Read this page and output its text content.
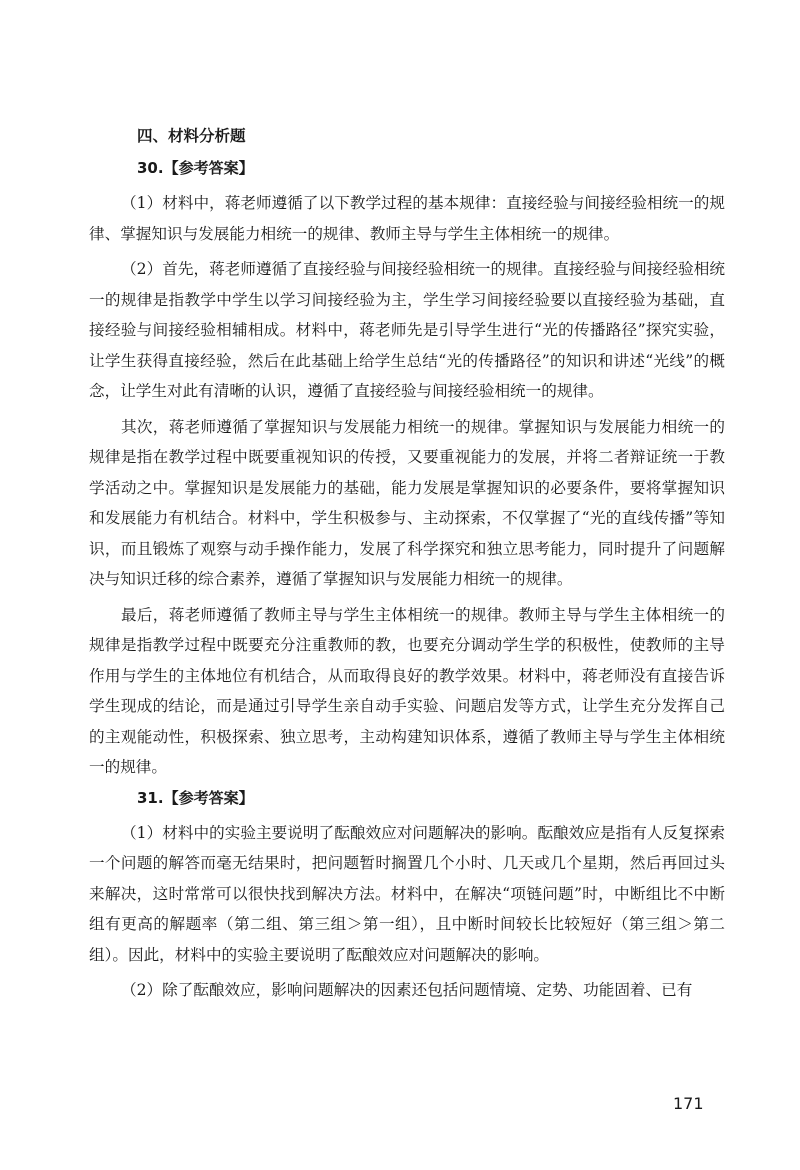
四、材料分析题
30.【参考答案】

（1）材料中，蒋老师遵循了以下教学过程的基本规律：直接经验与间接经验相统一的规律、掌握知识与发展能力相统一的规律、教师主导与学生主体相统一的规律。

（2）首先，蒋老师遵循了直接经验与间接经验相统一的规律。直接经验与间接经验相统一的规律是指教学中学生以学习间接经验为主，学生学习间接经验要以直接经验为基础，直接经验与间接经验相辅相成。材料中，蒋老师先是引导学生进行“光的传播路径”探究实验，让学生获得直接经验，然后在此基础上给学生总结“光的传播路径”的知识和讲述“光线”的概念，让学生对此有清晰的认识，遵循了直接经验与间接经验相统一的规律。

其次，蒋老师遵循了掌握知识与发展能力相统一的规律。掌握知识与发展能力相统一的规律是指在教学过程中既要重视知识的传授，又要重视能力的发展，并将二者辩证统一于教学活动之中。掌握知识是发展能力的基础，能力发展是掌握知识的必要条件，要将掌握知识和发展能力有机结合。材料中，学生积极参与、主动探索，不仅掌握了“光的直线传播”等知识，而且锻炼了观察与动手操作能力，发展了科学探究和独立思考能力，同时提升了问题解决与知识迁移的综合素养，遵循了掌握知识与发展能力相统一的规律。

最后，蒋老师遵循了教师主导与学生主体相统一的规律。教师主导与学生主体相统一的规律是指教学过程中既要充分注重教师的教，也要充分调动学生学的积极性，使教师的主导作用与学生的主体地位有机结合，从而取得良好的教学效果。材料中，蒋老师没有直接告诉学生现成的结论，而是通过引导学生亲自动手实验、问题启发等方式，让学生充分发挥自己的主观能动性，积极探索、独立思考，主动构建知识体系，遵循了教师主导与学生主体相统一的规律。

31.【参考答案】

（1）材料中的实验主要说明了酝酿效应对问题解决的影响。酝酿效应是指有人反复探索一个问题的解答而毫无结果时，把问题暂时搁置几个小时、几天或几个星期，然后再回过头来解决，这时常常可以很快找到解决方法。材料中，在解决“项链问题”时，中断组比不中断组有更高的解题率（第二组、第三组＞第一组），且中断时间较长比较短好（第三组＞第二组）。因此，材料中的实验主要说明了酝酿效应对问题解决的影响。

（2）除了酝酿效应，影响问题解决的因素还包括问题情境、定势、功能固着、已有

171
